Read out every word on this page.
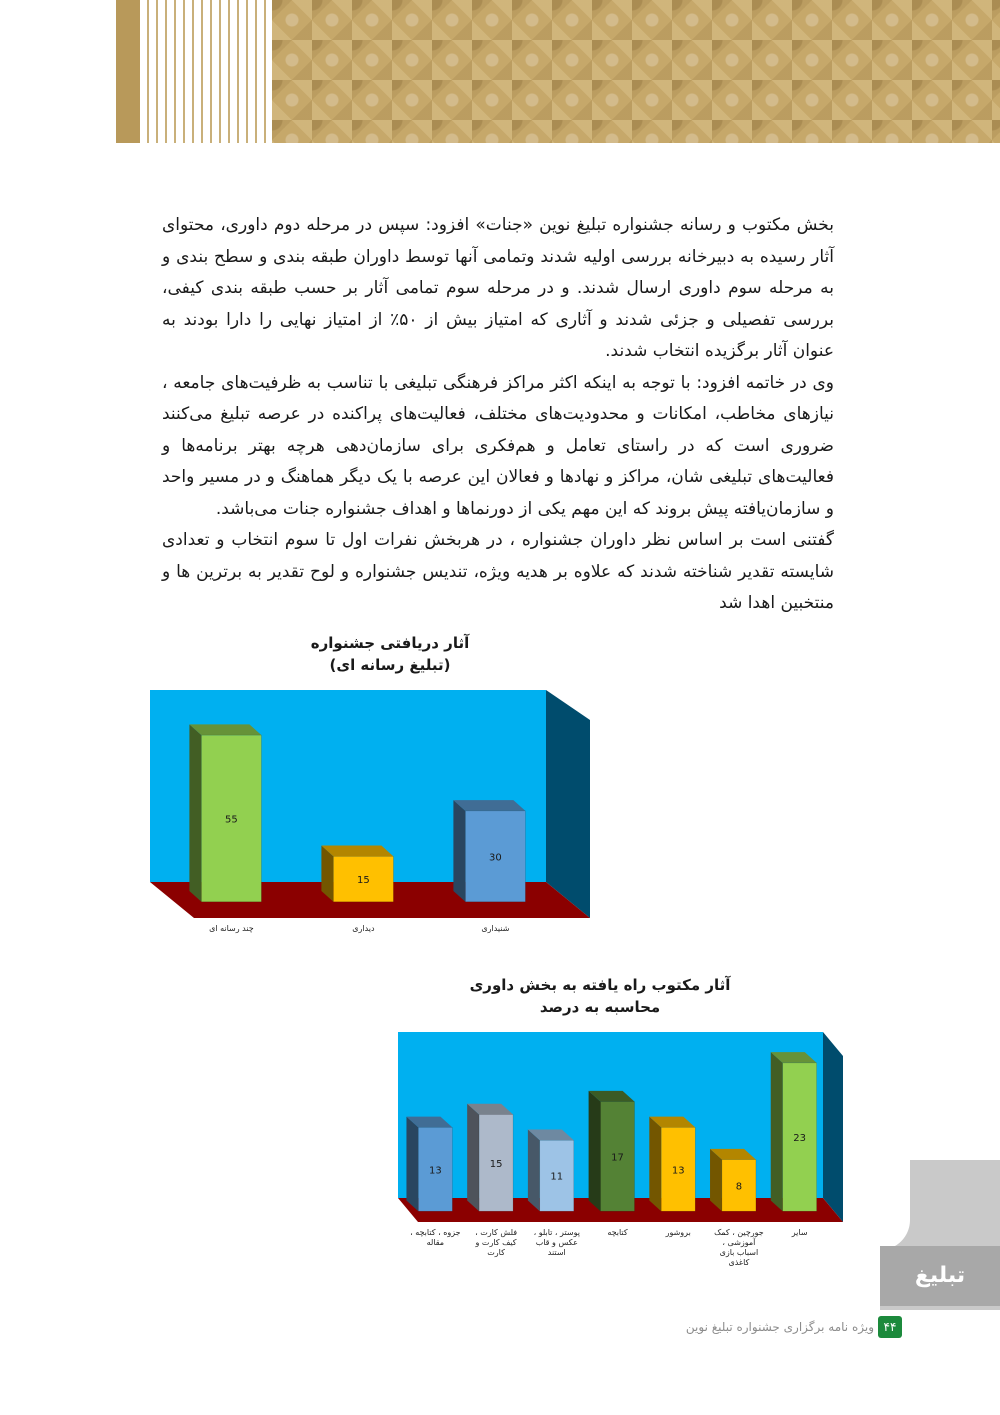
بخش مکتوب و رسانه جشنواره تبلیغ نوین «جنات» افزود: سپس در مرحله دوم داوری، محتوای آثار رسیده به دبیرخانه بررسی اولیه شدند وتمامی آنها توسط داوران طبقه بندی و سطح بندی و به مرحله سوم داوری ارسال شدند. و در مرحله سوم تمامی آثار بر حسب طبقه بندی کیفی، بررسی تفصیلی و جزئی شدند و آثاری که امتیاز بیش از ۵۰٪ از امتیاز نهایی را دارا بودند به عنوان آثار برگزیده انتخاب شدند.

وی در خاتمه افزود: با توجه به اینکه اکثر مراکز فرهنگی تبلیغی با تناسب به ظرفیت‌های جامعه ، نیازهای مخاطب، امکانات و محدودیت‌های مختلف، فعالیت‌های پراکنده در عرصه تبلیغ می‌کنند ضروری است که در راستای تعامل و هم‌فکری برای سازمان‌دهی هرچه بهتر برنامه‌ها و فعالیت‌های تبلیغی شان، مراکز و نهادها و فعالان این عرصه با یک دیگر هماهنگ و در مسیر واحد و سازمان‌یافته پیش بروند که این مهم یکی از دورنماها و اهداف جشنواره جنات می‌باشد.

گفتنی است بر اساس نظر داوران جشنواره ، در هربخش نفرات اول تا سوم انتخاب و تعدادی شایسته تقدیر شناخته شدند که علاوه بر هدیه ویژه، تندیس جشنواره و لوح تقدیر به برترین ها و منتخبین اهدا شد

آثار دریافتی جشنواره
(تبلیغ رسانه ای)
30
15
55
شنیداری
دیداری
چند رسانه ای
آثار مکتوب راه یافته به بخش داوری
محاسبه به درصد
23
8
13
17
11
15
13
سایر
جورچین ، کمک آموزشی ، اسباب بازی کاغذی
بروشور
کتابچه
پوستر ، تابلو ، عکس و قاب استند
فلش کارت ، کیف کارت و کارت
جزوه ، کتابچه ، مقاله
تبلیغ
۴۴
ویژه نامه برگزاری جشنواره تبلیغ نوین
